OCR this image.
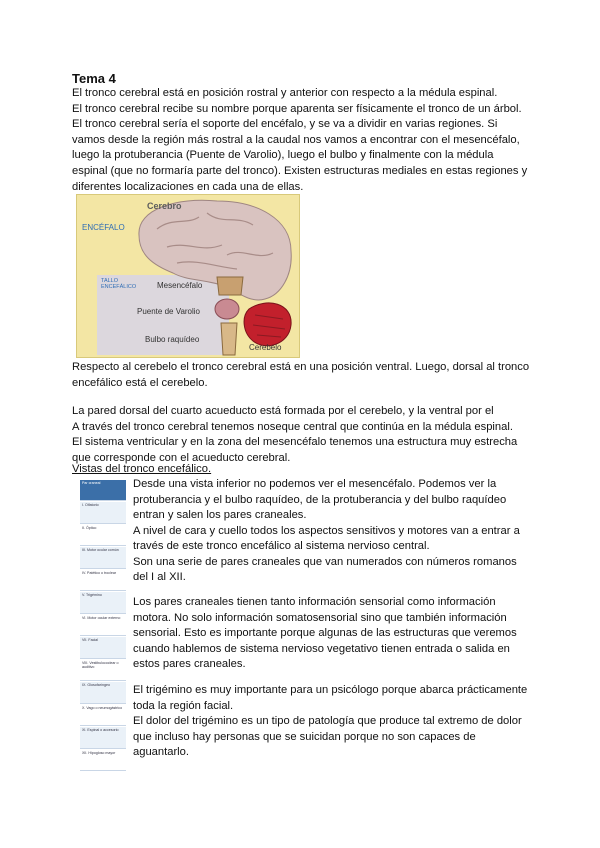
Tema 4

El tronco cerebral está en posición rostral y anterior con respecto a la médula espinal.
El tronco cerebral recibe su nombre porque aparenta ser físicamente el tronco de un árbol.
El tronco cerebral sería el soporte del encéfalo, y se va a dividir en varias regiones. Si
vamos desde la región más rostral a la caudal nos vamos a encontrar con el mesencéfalo,
luego la protuberancia (Puente de Varolio), luego el bulbo y finalmente con la médula
espinal (que no formaría parte del tronco). Existen estructuras mediales en estas regiones y
diferentes localizaciones en cada una de ellas.

Cerebro
ENCÉFALO
TALLO ENCEFÁLICO	Mesencéfalo
Puente de Varolio
Bulbo raquídeo
Cerebelo

Respecto al cerebelo el tronco cerebral está en una posición ventral. Luego, dorsal al tronco
encefálico está el cerebelo.

La pared dorsal del cuarto acueducto está formada por el cerebelo, y la ventral por el
A través del tronco cerebral tenemos noseque central que continúa en la médula espinal.
El sistema ventricular y en la zona del mesencéfalo tenemos una estructura muy estrecha
que corresponde con el acueducto cerebral.

Vistas del tronco encefálico.

Par craneal
I. Olfatorio
II. Óptico
III. Motor ocular común
IV. Patético o troclear
V. Trigémino
VI. Motor ocular externo
VII. Facial
VIII. Vestibulococlear o auditivo
IX. Glosofaríngeo
X. Vago o neumogástrico
XI. Espinal o accesorio
XII. Hipogloso mayor

Desde una vista inferior no podemos ver el mesencéfalo. Podemos ver la
protuberancia y el bulbo raquídeo, de la protuberancia y del bulbo raquídeo
entran y salen los pares craneales.
A nivel de cara y cuello todos los aspectos sensitivos y motores van a entrar a
través de este tronco encefálico al sistema nervioso central.
Son una serie de pares craneales que van numerados con números romanos
del I al XII.

Los pares craneales tienen tanto información sensorial como información
motora. No solo información somatosensorial sino que también información
sensorial. Esto es importante porque algunas de las estructuras que veremos
cuando hablemos de sistema nervioso vegetativo tienen entrada o salida en
estos pares craneales.

El trigémino es muy importante para un psicólogo porque abarca prácticamente
toda la región facial.
El dolor del trigémino es un tipo de patología que produce tal extremo de dolor
que incluso hay personas que se suicidan porque no son capaces de
aguantarlo.
